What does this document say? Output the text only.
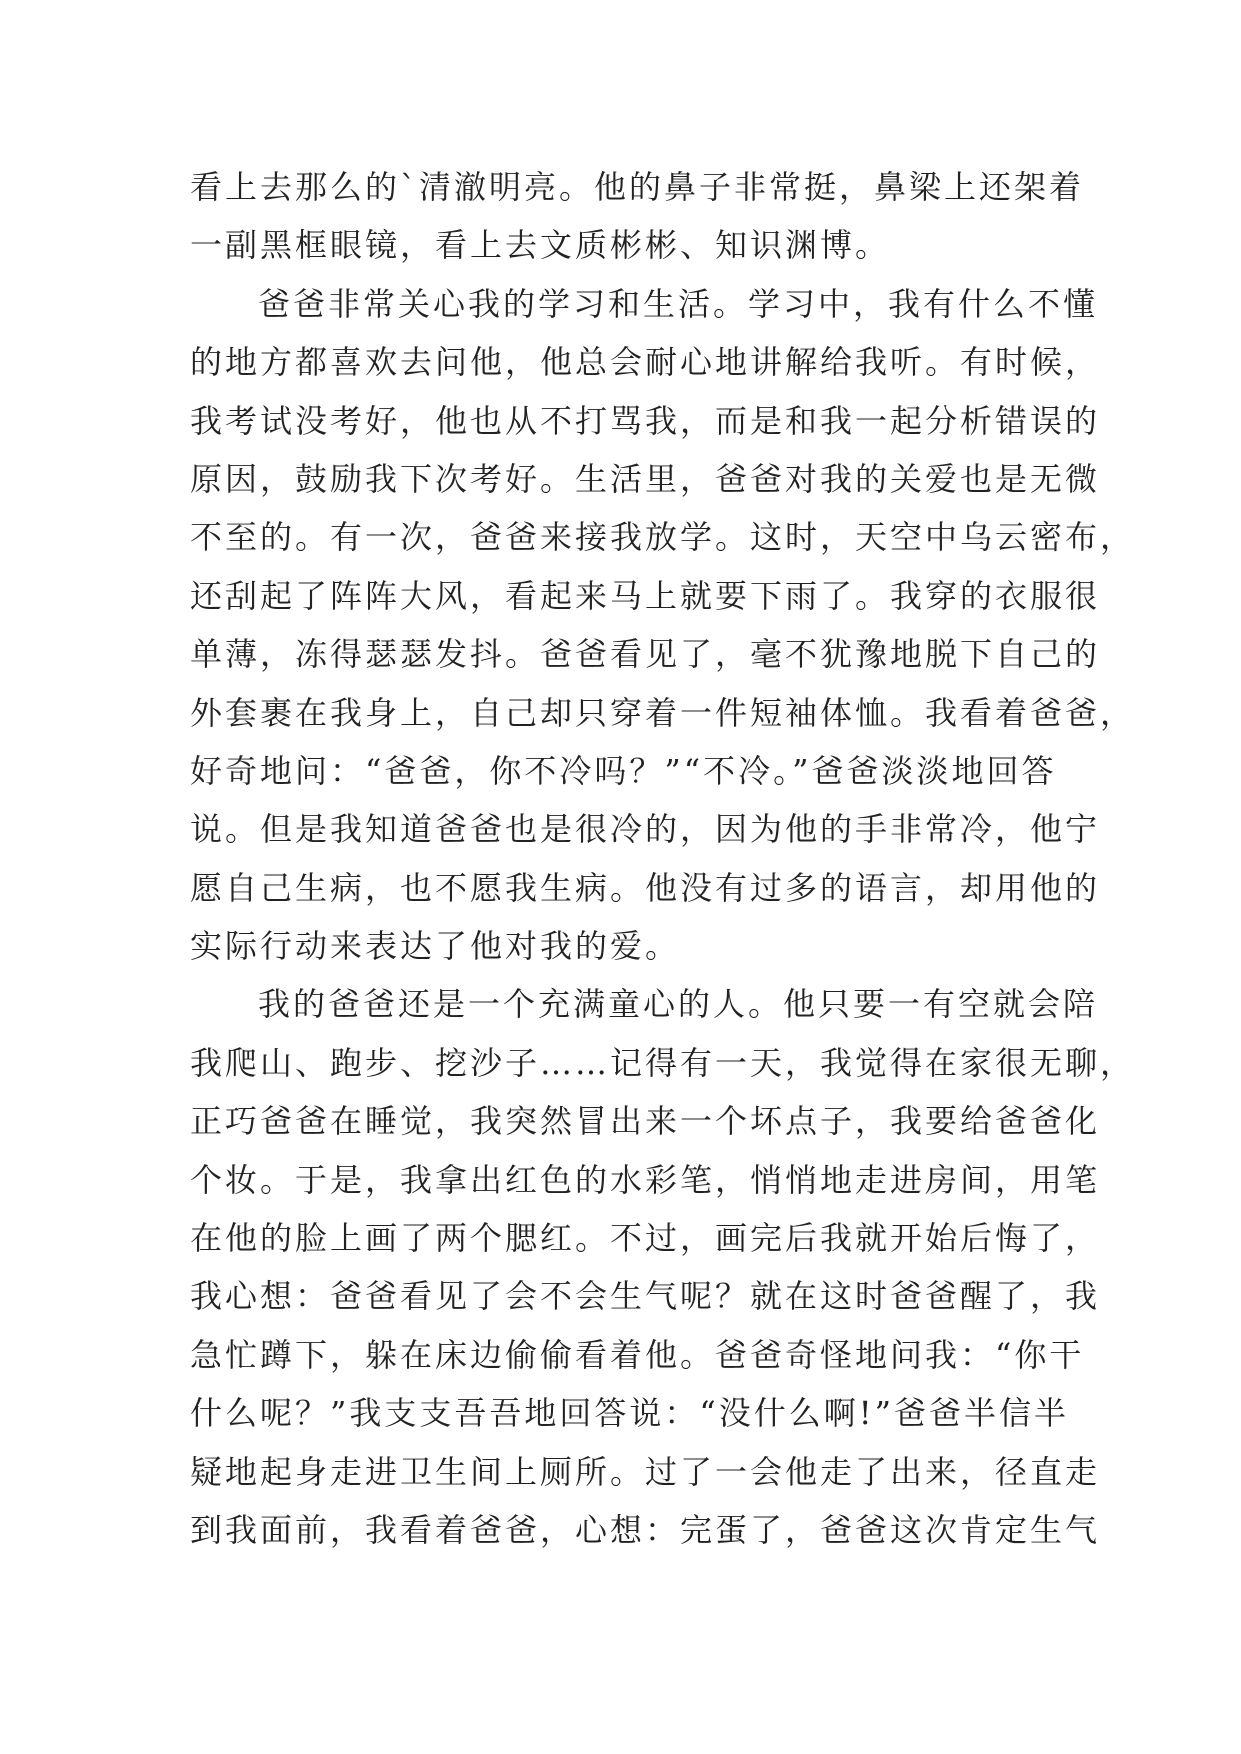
看上去那么的`清澈明亮。他的鼻子非常挺，鼻梁上还架着
一副黑框眼镜，看上去文质彬彬、知识渊博。
爸爸非常关心我的学习和生活。学习中，我有什么不懂
的地方都喜欢去问他，他总会耐心地讲解给我听。有时候，
我考试没考好，他也从不打骂我，而是和我一起分析错误的
原因，鼓励我下次考好。生活里，爸爸对我的关爱也是无微
不至的。有一次，爸爸来接我放学。这时，天空中乌云密布，
还刮起了阵阵大风，看起来马上就要下雨了。我穿的衣服很
单薄，冻得瑟瑟发抖。爸爸看见了，毫不犹豫地脱下自己的
外套裹在我身上，自己却只穿着一件短袖体恤。我看着爸爸，
好奇地问：“爸爸，你不冷吗？”“不冷。”爸爸淡淡地回答
说。但是我知道爸爸也是很冷的，因为他的手非常冷，他宁
愿自己生病，也不愿我生病。他没有过多的语言，却用他的
实际行动来表达了他对我的爱。
我的爸爸还是一个充满童心的人。他只要一有空就会陪
我爬山、跑步、挖沙子……记得有一天，我觉得在家很无聊，
正巧爸爸在睡觉，我突然冒出来一个坏点子，我要给爸爸化
个妆。于是，我拿出红色的水彩笔，悄悄地走进房间，用笔
在他的脸上画了两个腮红。不过，画完后我就开始后悔了，
我心想：爸爸看见了会不会生气呢？就在这时爸爸醒了，我
急忙蹲下，躲在床边偷偷看着他。爸爸奇怪地问我：“你干
什么呢？”我支支吾吾地回答说：“没什么啊!”爸爸半信半
疑地起身走进卫生间上厕所。过了一会他走了出来，径直走
到我面前，我看着爸爸，心想：完蛋了，爸爸这次肯定生气
